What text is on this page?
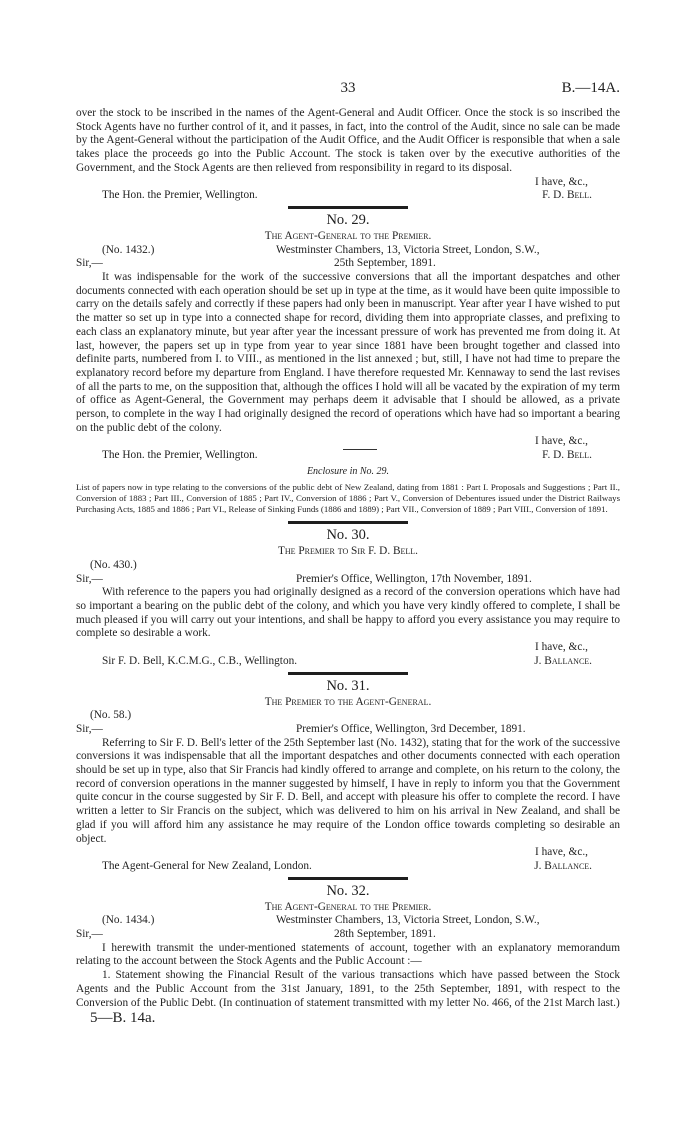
33	B.—14A.

over the stock to be inscribed in the names of the Agent-General and Audit Officer. Once the stock is so inscribed the Stock Agents have no further control of it, and it passes, in fact, into the control of the Audit, since no sale can be made by the Agent-General without the participation of the Audit Office, and the Audit Officer is responsible that when a sale takes place the proceeds go into the Public Account. The stock is taken over by the executive authorities of the Government, and the Stock Agents are then relieved from responsibility in regard to its disposal.

I have, &c.,
The Hon. the Premier, Wellington.	F. D. Bell.
No. 29.
The Agent-General to the Premier.
(No. 1432.)	Westminster Chambers, 13, Victoria Street, London, S.W.,
Sir,—	25th September, 1891.

It was indispensable for the work of the successive conversions that all the important despatches and other documents connected with each operation should be set up in type at the time, as it would have been quite impossible to carry on the details safely and correctly if these papers had only been in manuscript. Year after year I have wished to put the matter so set up in type into a connected shape for record, dividing them into appropriate classes, and prefixing to each class an explanatory minute, but year after year the incessant pressure of work has prevented me from doing it. At last, however, the papers set up in type from year to year since 1881 have been brought together and classed into definite parts, numbered from I. to VIII., as mentioned in the list annexed ; but, still, I have not had time to prepare the explanatory record before my departure from England. I have therefore requested Mr. Kennaway to send the last revises of all the parts to me, on the supposition that, although the offices I hold will all be vacated by the expiration of my term of office as Agent-General, the Government may perhaps deem it advisable that I should be allowed, as a private person, to complete in the way I had originally designed the record of operations which have had so important a bearing on the public debt of the colony.

I have, &c.,
The Hon. the Premier, Wellington.	F. D. Bell.
Enclosure in No. 29.

List of papers now in type relating to the conversions of the public debt of New Zealand, dating from 1881 : Part I. Proposals and Suggestions ; Part II., Conversion of 1883 ; Part III., Conversion of 1885 ; Part IV., Conversion of 1886 ; Part V., Conversion of Debentures issued under the District Railways Purchasing Acts, 1885 and 1886 ; Part VI., Release of Sinking Funds (1886 and 1889) ; Part VII., Conversion of 1889 ; Part VIII., Conversion of 1891.

No. 30.
The Premier to Sir F. D. Bell.
(No. 430.)
Sir,—	Premier's Office, Wellington, 17th November, 1891.

With reference to the papers you had originally designed as a record of the conversion operations which have had so important a bearing on the public debt of the colony, and which you have very kindly offered to complete, I shall be much pleased if you will carry out your intentions, and shall be happy to afford you every assistance you may require to complete so desirable a work.

I have, &c.,
Sir F. D. Bell, K.C.M.G., C.B., Wellington.	J. Ballance.
No. 31.
The Premier to the Agent-General.
(No. 58.)
Sir,—	Premier's Office, Wellington, 3rd December, 1891.

Referring to Sir F. D. Bell's letter of the 25th September last (No. 1432), stating that for the work of the successive conversions it was indispensable that all the important despatches and other documents connected with each operation should be set up in type, also that Sir Francis had kindly offered to arrange and complete, on his return to the colony, the record of conversion operations in the manner suggested by himself, I have in reply to inform you that the Government quite concur in the course suggested by Sir F. D. Bell, and accept with pleasure his offer to complete the record. I have written a letter to Sir Francis on the subject, which was delivered to him on his arrival in New Zealand, and shall be glad if you will afford him any assistance he may require of the London office towards completing so desirable an object.

I have, &c.,
The Agent-General for New Zealand, London.	J. Ballance.
No. 32.
The Agent-General to the Premier.
(No. 1434.)	Westminster Chambers, 13, Victoria Street, London, S.W.,
Sir,—	28th September, 1891.

I herewith transmit the under-mentioned statements of account, together with an explanatory memorandum relating to the account between the Stock Agents and the Public Account :—

1. Statement showing the Financial Result of the various transactions which have passed between the Stock Agents and the Public Account from the 31st January, 1891, to the 25th September, 1891, with respect to the Conversion of the Public Debt. (In continuation of statement transmitted with my letter No. 466, of the 21st March last.)

5—B. 14a.
